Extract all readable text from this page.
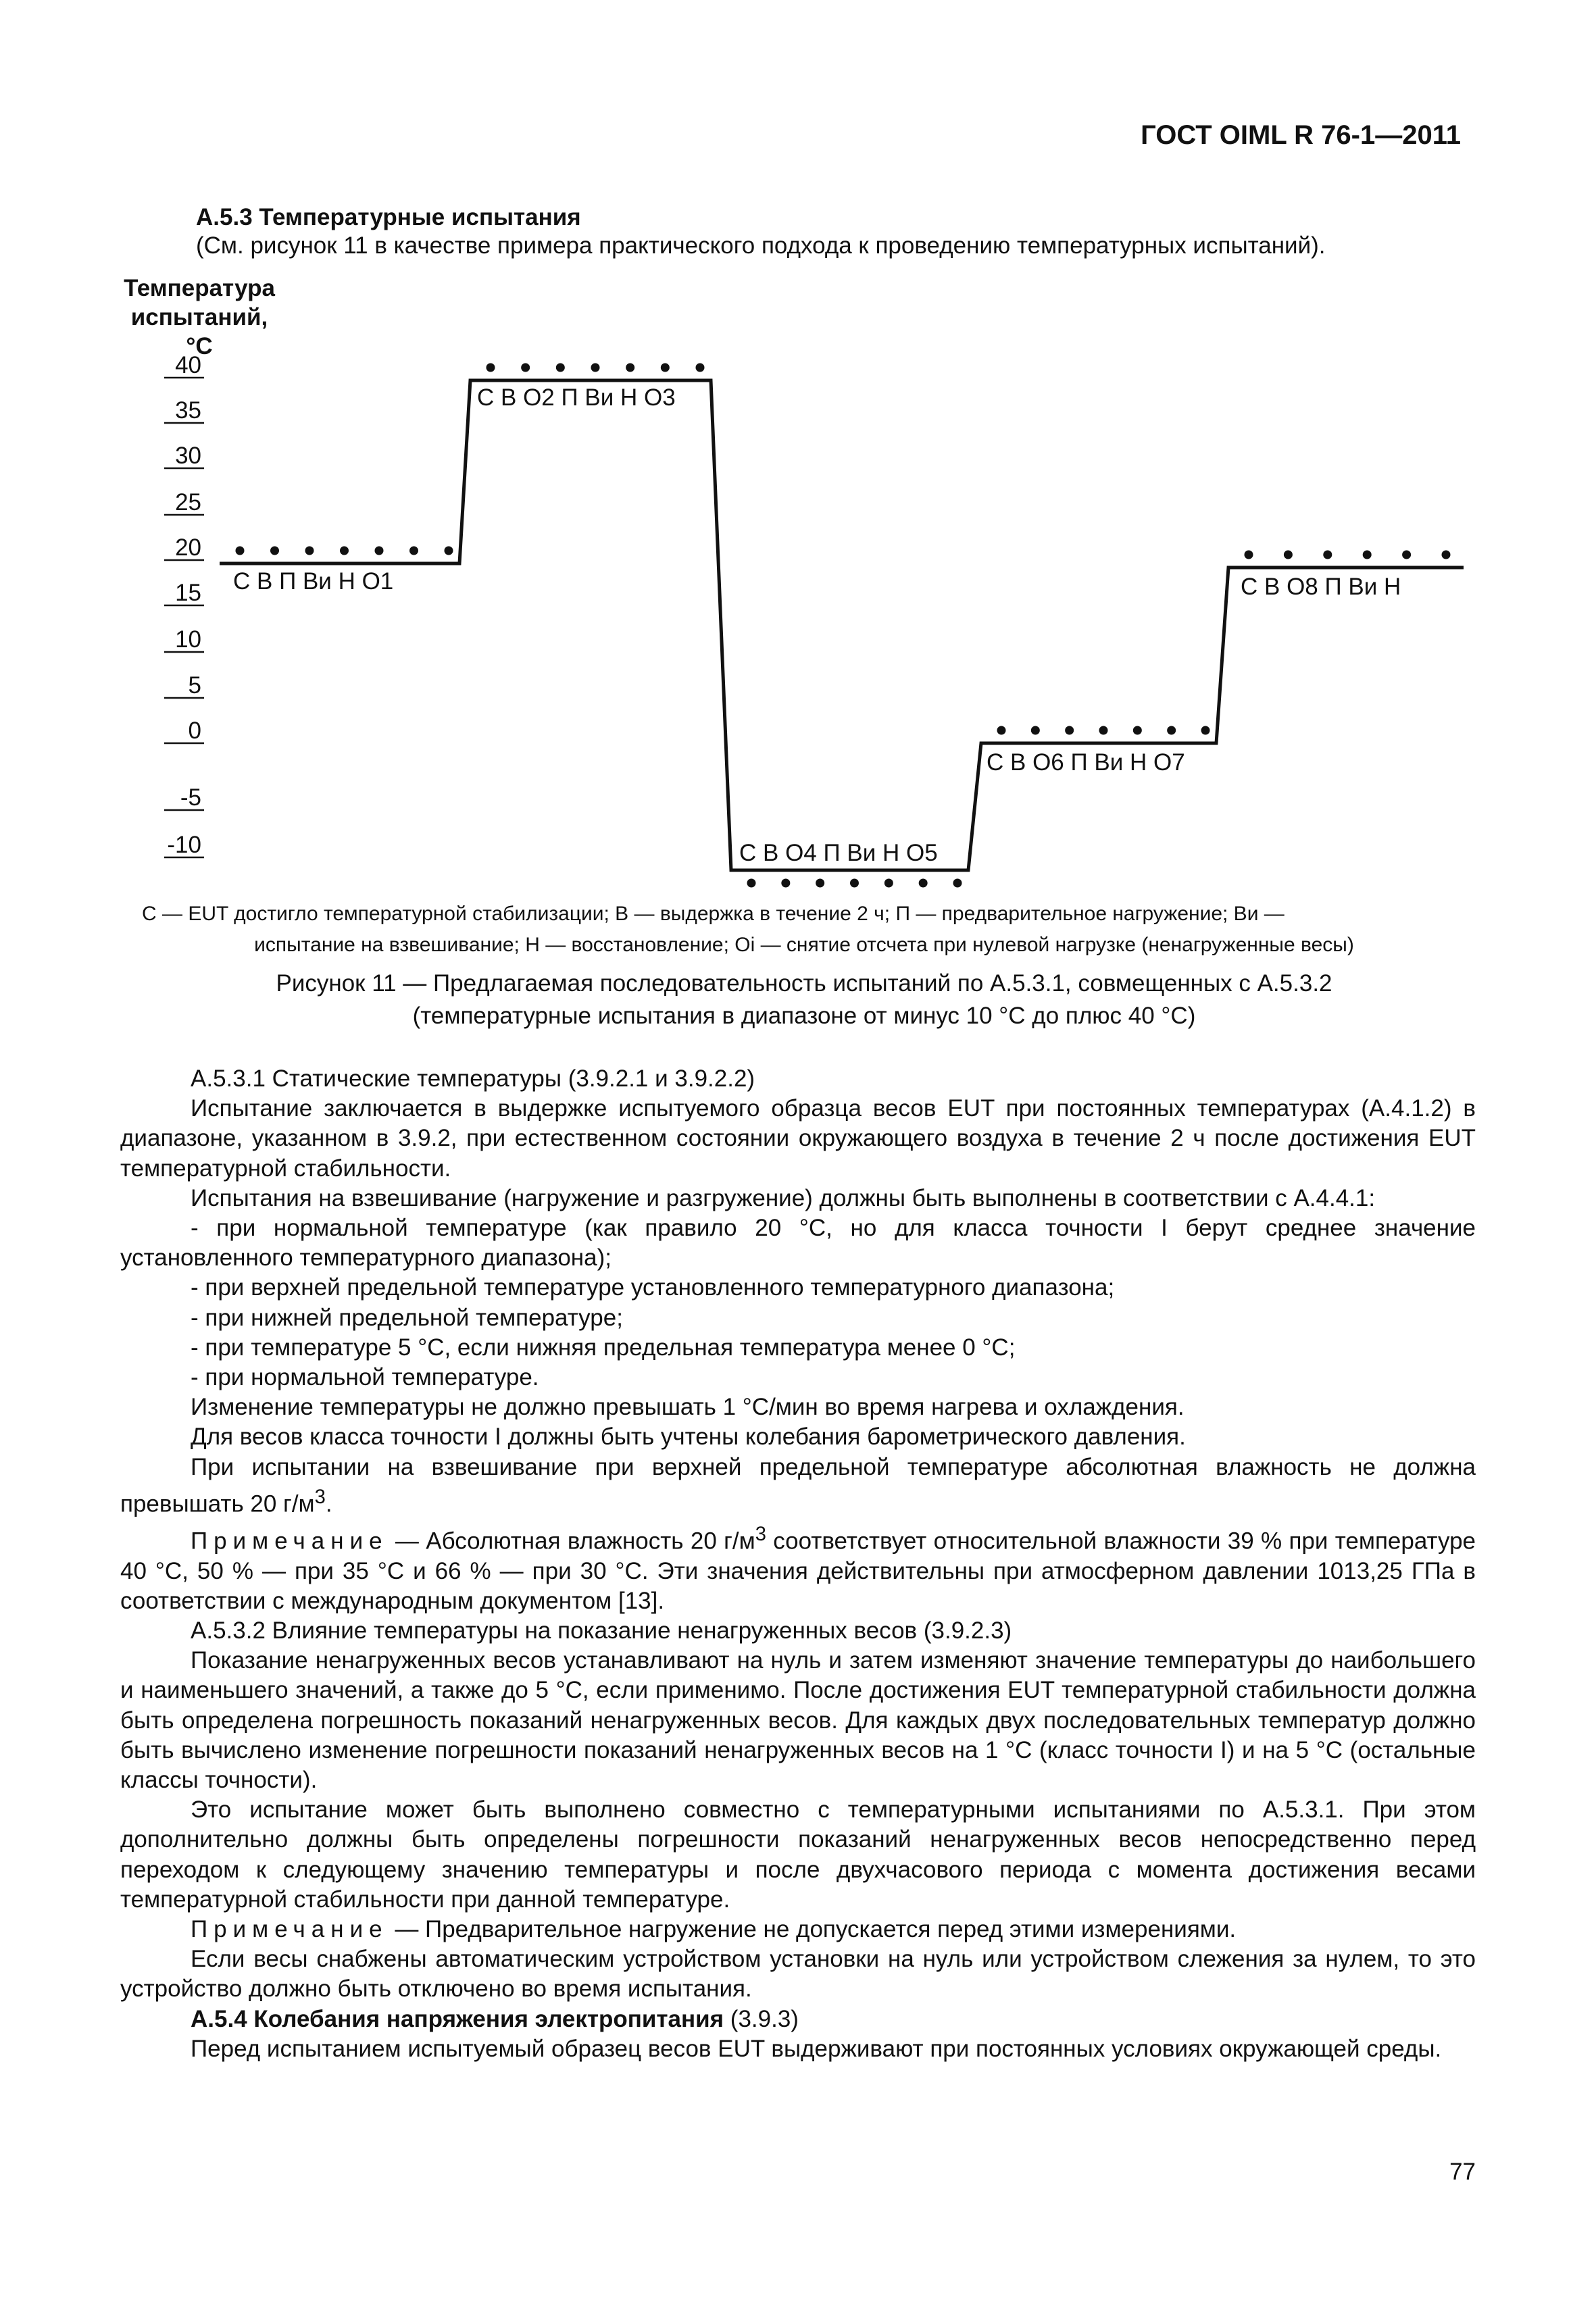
ГОСТ OIML R 76-1—2011
А.5.3 Температурные испытания
(См. рисунок 11 в качестве примера практического подхода к проведению температурных испытаний).
Температура испытаний, °С
40
35
30
25
20
15
10
5
0
-5
-10
С В П Ви Н О1
С В О2 П Ви Н О3
С В О4 П Ви Н О5
С В О6 П Ви Н О7
С В О8 П Ви Н
С — EUT достигло температурной стабилизации; В — выдержка в течение 2 ч; П — предварительное нагружение; Ви —
испытание на взвешивание; Н — восстановление; Oi — снятие отсчета при нулевой нагрузке (ненагруженные весы)
Рисунок 11 — Предлагаемая последовательность испытаний по А.5.3.1, совмещенных с А.5.3.2
(температурные испытания в диапазоне от минус 10 °С до плюс 40 °С)

А.5.3.1 Статические температуры (3.9.2.1 и 3.9.2.2)

Испытание заключается в выдержке испытуемого образца весов EUT при постоянных температурах (А.4.1.2) в диапазоне, указанном в 3.9.2, при естественном состоянии окружающего воздуха в течение 2 ч после достижения EUT температурной стабильности.

Испытания на взвешивание (нагружение и разгружение) должны быть выполнены в соответствии с А.4.4.1:

- при нормальной температуре (как правило 20 °С, но для класса точности I берут среднее значение установленного температурного диапазона);

- при верхней предельной температуре установленного температурного диапазона;

- при нижней предельной температуре;

- при температуре 5 °С, если нижняя предельная температура менее 0 °С;

- при нормальной температуре.

Изменение температуры не должно превышать 1 °С/мин во время нагрева и охлаждения.

Для весов класса точности I должны быть учтены колебания барометрического давления.

При испытании на взвешивание при верхней предельной температуре абсолютная влажность не должна превышать 20 $г/м^3$.

Примечание — Абсолютная влажность 20 $г/м^3$ соответствует относительной влажности 39 % при температуре 40 °С, 50 % — при 35 °С и 66 % — при 30 °С. Эти значения действительны при атмосферном давлении 1013,25 ГПа в соответствии с международным документом [13].

А.5.3.2 Влияние температуры на показание ненагруженных весов (3.9.2.3)

Показание ненагруженных весов устанавливают на нуль и затем изменяют значение температуры до наибольшего и наименьшего значений, а также до 5 °С, если применимо. После достижения EUT температурной стабильности должна быть определена погрешность показаний ненагруженных весов. Для каждых двух последовательных температур должно быть вычислено изменение погрешности показаний ненагруженных весов на 1 °С (класс точности I) и на 5 °С (остальные классы точности).

Это испытание может быть выполнено совместно с температурными испытаниями по А.5.3.1. При этом дополнительно должны быть определены погрешности показаний ненагруженных весов непосредственно перед переходом к следующему значению температуры и после двухчасового периода с момента достижения весами температурной стабильности при данной температуре.

Примечание — Предварительное нагружение не допускается перед этими измерениями.

Если весы снабжены автоматическим устройством установки на нуль или устройством слежения за нулем, то это устройство должно быть отключено во время испытания.

А.5.4 Колебания напряжения электропитания (3.9.3)

Перед испытанием испытуемый образец весов EUT выдерживают при постоянных условиях окружающей среды.

77
